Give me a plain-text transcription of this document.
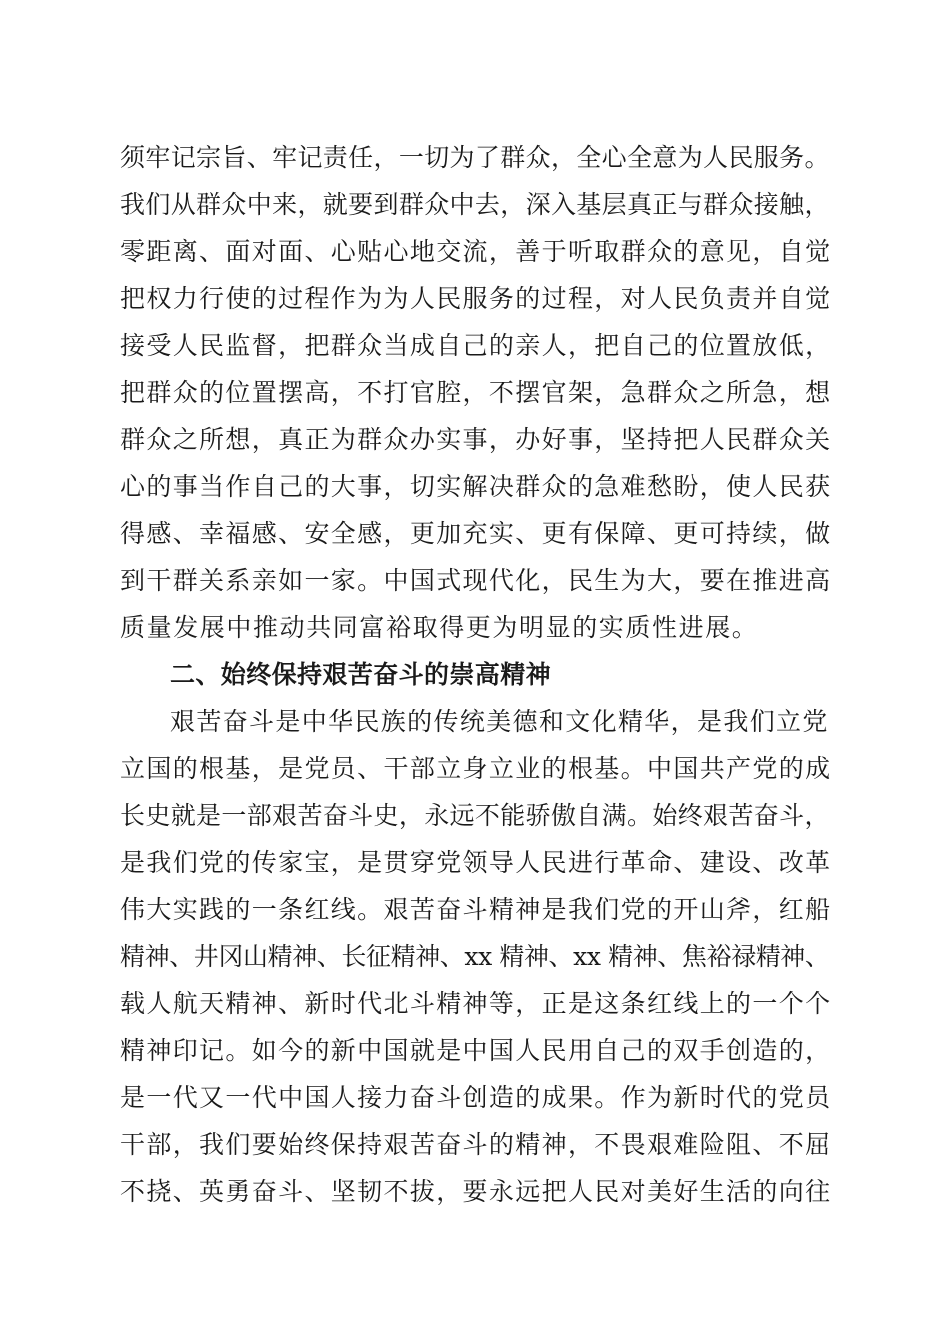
须牢记宗旨、牢记责任，一切为了群众，全心全意为人民服务。
我们从群众中来，就要到群众中去，深入基层真正与群众接触，
零距离、面对面、心贴心地交流，善于听取群众的意见，自觉
把权力行使的过程作为为人民服务的过程，对人民负责并自觉
接受人民监督，把群众当成自己的亲人，把自己的位置放低，
把群众的位置摆高，不打官腔，不摆官架，急群众之所急，想
群众之所想，真正为群众办实事，办好事，坚持把人民群众关
心的事当作自己的大事，切实解决群众的急难愁盼，使人民获
得感、幸福感、安全感，更加充实、更有保障、更可持续，做
到干群关系亲如一家。中国式现代化，民生为大，要在推进高
质量发展中推动共同富裕取得更为明显的实质性进展。
二、始终保持艰苦奋斗的崇高精神
艰苦奋斗是中华民族的传统美德和文化精华，是我们立党
立国的根基，是党员、干部立身立业的根基。中国共产党的成
长史就是一部艰苦奋斗史，永远不能骄傲自满。始终艰苦奋斗，
是我们党的传家宝，是贯穿党领导人民进行革命、建设、改革
伟大实践的一条红线。艰苦奋斗精神是我们党的开山斧，红船
精神、井冈山精神、长征精神、xx 精神、xx 精神、焦裕禄精神、
载人航天精神、新时代北斗精神等，正是这条红线上的一个个
精神印记。如今的新中国就是中国人民用自己的双手创造的，
是一代又一代中国人接力奋斗创造的成果。作为新时代的党员
干部，我们要始终保持艰苦奋斗的精神，不畏艰难险阻、不屈
不挠、英勇奋斗、坚韧不拔，要永远把人民对美好生活的向往
